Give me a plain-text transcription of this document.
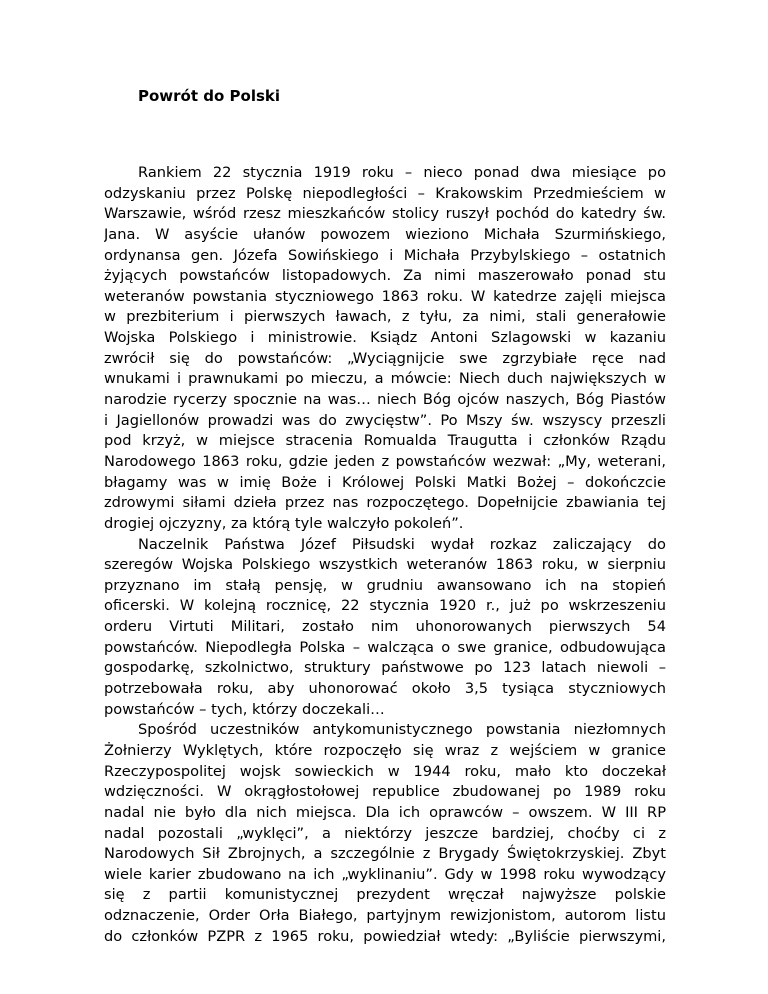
Powrót do Polski
Rankiem 22 stycznia 1919 roku – nieco ponad dwa miesiące po
odzyskaniu przez Polskę niepodległości – Krakowskim Przedmieściem w
Warszawie, wśród rzesz mieszkańców stolicy ruszył pochód do katedry św.
Jana. W asyście ułanów powozem wieziono Michała Szurmińskiego,
ordynansa gen. Józefa Sowińskiego i Michała Przybylskiego – ostatnich
żyjących powstańców listopadowych. Za nimi maszerowało ponad stu
weteranów powstania styczniowego 1863 roku. W katedrze zajęli miejsca
w prezbiterium i pierwszych ławach, z tyłu, za nimi, stali generałowie
Wojska Polskiego i ministrowie. Ksiądz Antoni Szlagowski w kazaniu
zwrócił się do powstańców: „Wyciągnijcie swe zgrzybiałe ręce nad
wnukami i prawnukami po mieczu, a mówcie: Niech duch największych w
narodzie rycerzy spocznie na was… niech Bóg ojców naszych, Bóg Piastów
i Jagiellonów prowadzi was do zwycięstw”. Po Mszy św. wszyscy przeszli
pod krzyż, w miejsce stracenia Romualda Traugutta i członków Rządu
Narodowego 1863 roku, gdzie jeden z powstańców wezwał: „My, weterani,
błagamy was w imię Boże i Królowej Polski Matki Bożej – dokończcie
zdrowymi siłami dzieła przez nas rozpoczętego. Dopełnijcie zbawiania tej
drogiej ojczyzny, za którą tyle walczyło pokoleń”.
Naczelnik Państwa Józef Piłsudski wydał rozkaz zaliczający do
szeregów Wojska Polskiego wszystkich weteranów 1863 roku, w sierpniu
przyznano im stałą pensję, w grudniu awansowano ich na stopień
oficerski. W kolejną rocznicę, 22 stycznia 1920 r., już po wskrzeszeniu
orderu Virtuti Militari, zostało nim uhonorowanych pierwszych 54
powstańców. Niepodległa Polska – walcząca o swe granice, odbudowująca
gospodarkę, szkolnictwo, struktury państwowe po 123 latach niewoli –
potrzebowała roku, aby uhonorować około 3,5 tysiąca styczniowych
powstańców – tych, którzy doczekali…
Spośród uczestników antykomunistycznego powstania niezłomnych
Żołnierzy Wyklętych, które rozpoczęło się wraz z wejściem w granice
Rzeczypospolitej wojsk sowieckich w 1944 roku, mało kto doczekał
wdzięczności. W okrągłostołowej republice zbudowanej po 1989 roku
nadal nie było dla nich miejsca. Dla ich oprawców – owszem. W III RP
nadal pozostali „wyklęci”, a niektórzy jeszcze bardziej, choćby ci z
Narodowych Sił Zbrojnych, a szczególnie z Brygady Świętokrzyskiej. Zbyt
wiele karier zbudowano na ich „wyklinaniu”. Gdy w 1998 roku wywodzący
się z partii komunistycznej prezydent wręczał najwyższe polskie
odznaczenie, Order Orła Białego, partyjnym rewizjonistom, autorom listu
do członków PZPR z 1965 roku, powiedział wtedy: „Byliście pierwszymi,
